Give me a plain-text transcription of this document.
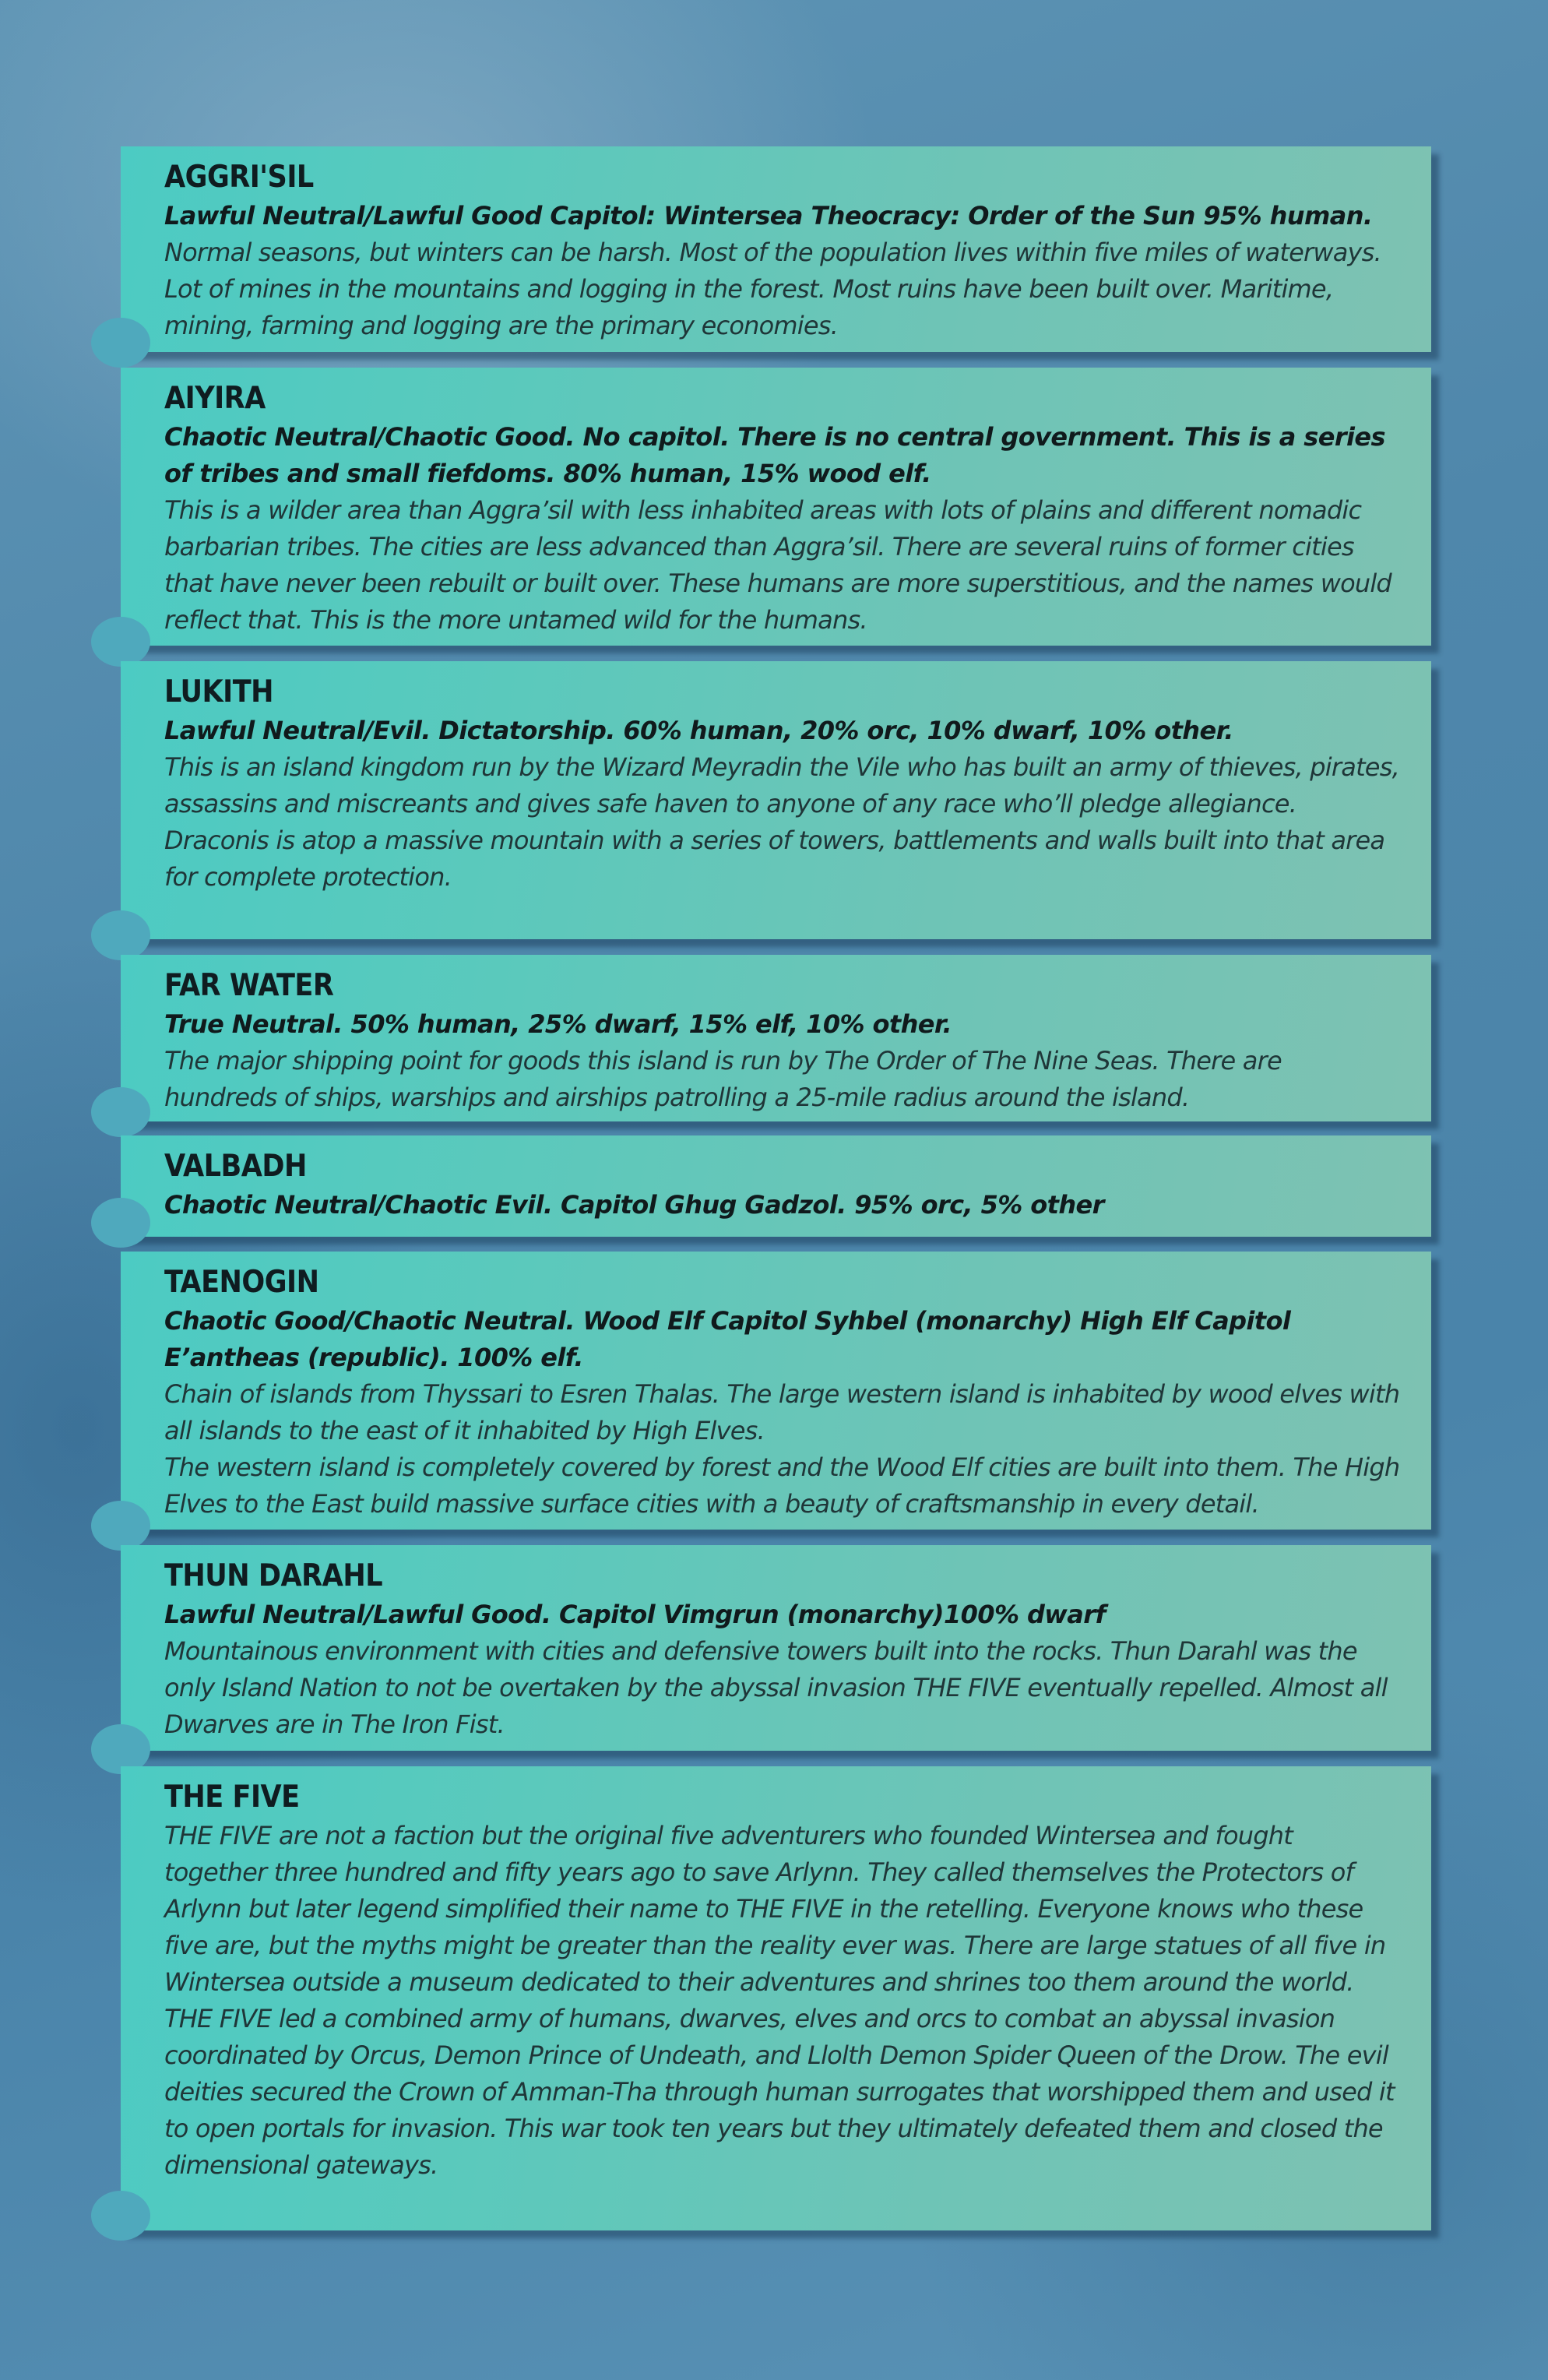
AGGRI'SIL
Lawful Neutral/Lawful Good Capitol: Wintersea Theocracy: Order of the Sun 95% human.
Normal seasons, but winters can be harsh. Most of the population lives within five miles of waterways. Lot of mines in the mountains and logging in the forest. Most ruins have been built over. Maritime, mining, farming and logging are the primary economies.
AIYIRA
Chaotic Neutral/Chaotic Good. No capitol. There is no central government. This is a series of tribes and small fiefdoms. 80% human, 15% wood elf.
This is a wilder area than Aggra’sil with less inhabited areas with lots of plains and different nomadic barbarian tribes. The cities are less advanced than Aggra’sil. There are several ruins of former cities that have never been rebuilt or built over. These humans are more superstitious, and the names would reflect that. This is the more untamed wild for the humans.
LUKITH
Lawful Neutral/Evil. Dictatorship. 60% human, 20% orc, 10% dwarf, 10% other.
This is an island kingdom run by the Wizard Meyradin the Vile who has built an army of thieves, pirates, assassins and miscreants and gives safe haven to anyone of any race who’ll pledge allegiance.
Draconis is atop a massive mountain with a series of towers, battlements and walls built into that area for complete protection.
FAR WATER
True Neutral. 50% human, 25% dwarf, 15% elf, 10% other.
The major shipping point for goods this island is run by The Order of The Nine Seas. There are hundreds of ships, warships and airships patrolling a 25-mile radius around the island.
VALBADH
Chaotic Neutral/Chaotic Evil. Capitol Ghug Gadzol. 95% orc, 5% other
TAENOGIN
Chaotic Good/Chaotic Neutral. Wood Elf Capitol Syhbel (monarchy) High Elf Capitol E’antheas (republic). 100% elf.
Chain of islands from Thyssari to Esren Thalas. The large western island is inhabited by wood elves with all islands to the east of it inhabited by High Elves.
The western island is completely covered by forest and the Wood Elf cities are built into them. The High Elves to the East build massive surface cities with a beauty of craftsmanship in every detail.
THUN DARAHL
Lawful Neutral/Lawful Good. Capitol Vimgrun (monarchy)100% dwarf
Mountainous environment with cities and defensive towers built into the rocks. Thun Darahl was the only Island Nation to not be overtaken by the abyssal invasion THE FIVE eventually repelled. Almost all Dwarves are in The Iron Fist.
THE FIVE
THE FIVE are not a faction but the original five adventurers who founded Wintersea and fought together three hundred and fifty years ago to save Arlynn. They called themselves the Protectors of Arlynn but later legend simplified their name to THE FIVE in the retelling. Everyone knows who these five are, but the myths might be greater than the reality ever was. There are large statues of all five in Wintersea outside a museum dedicated to their adventures and shrines too them around the world.
THE FIVE led a combined army of humans, dwarves, elves and orcs to combat an abyssal invasion coordinated by Orcus, Demon Prince of Undeath, and Llolth Demon Spider Queen of the Drow. The evil deities secured the Crown of Amman-Tha through human surrogates that worshipped them and used it to open portals for invasion. This war took ten years but they ultimately defeated them and closed the dimensional gateways.
